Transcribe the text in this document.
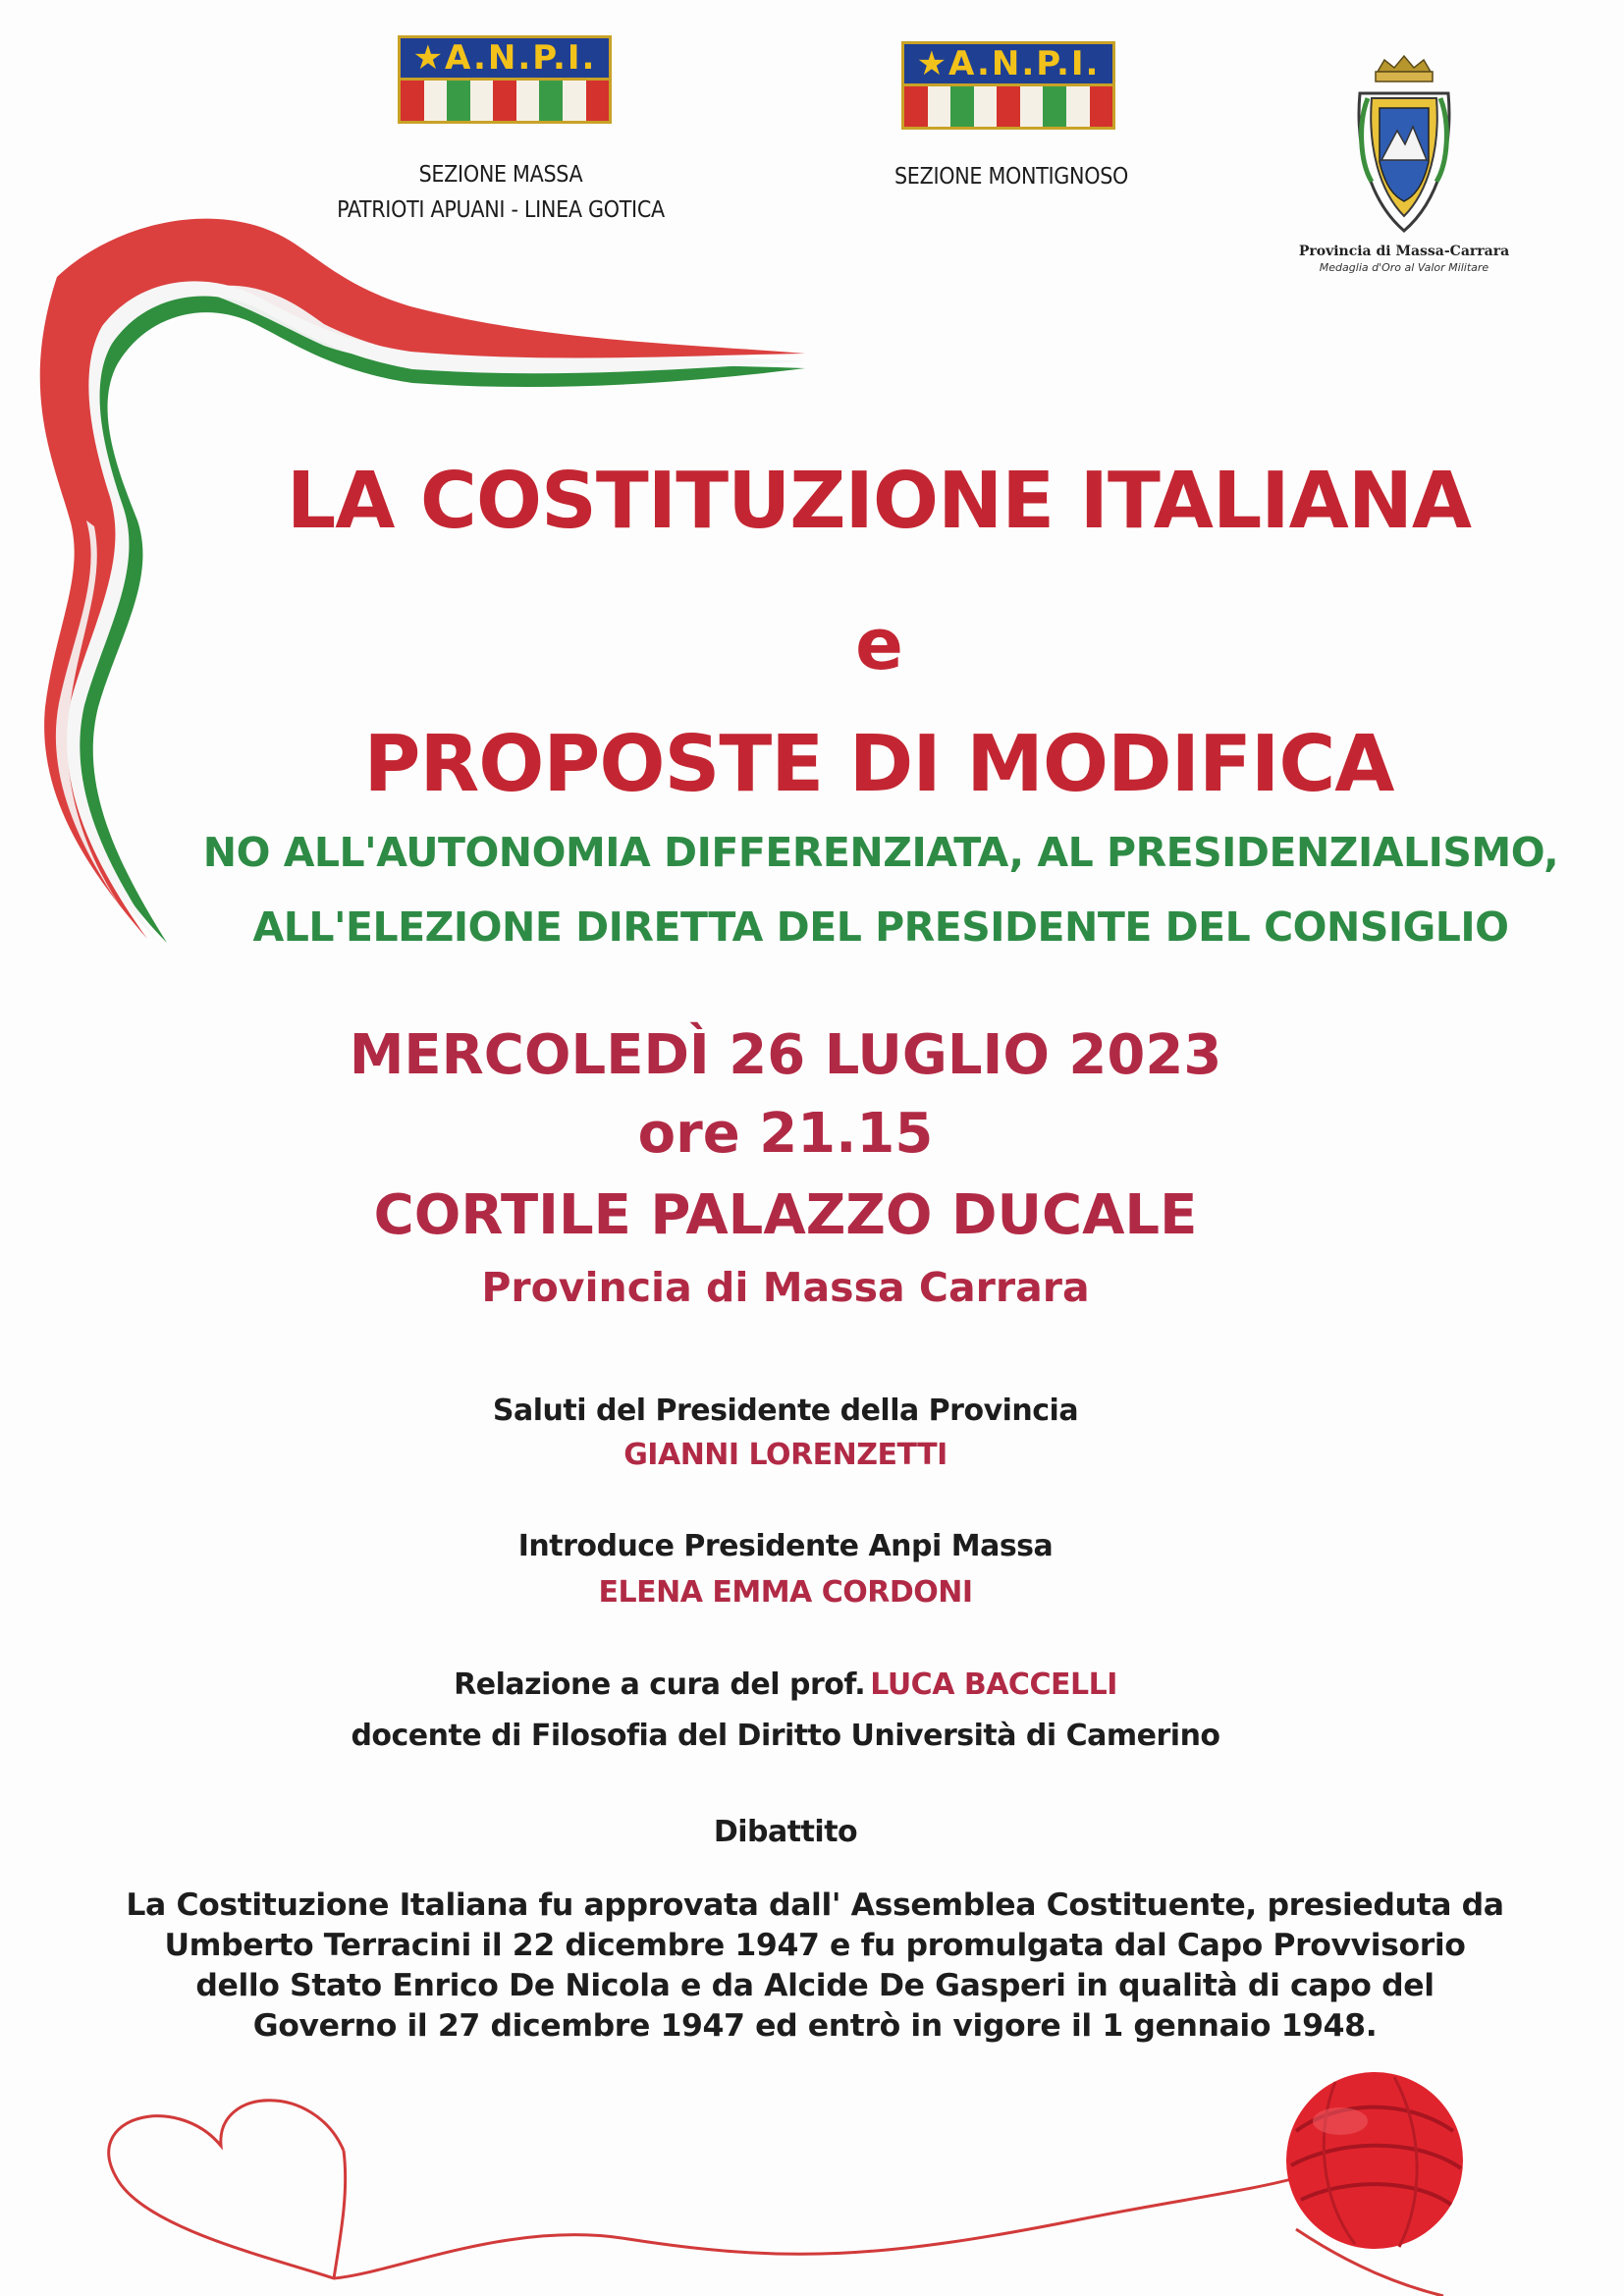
★A.N.P.I.
SEZIONE MASSA
PATRIOTI APUANI - LINEA GOTICA
★A.N.P.I.
SEZIONE MONTIGNOSO
Provincia di Massa-Carrara
Medaglia d'Oro al Valor Militare
LA COSTITUZIONE ITALIANA
e
PROPOSTE DI MODIFICA
NO ALL'AUTONOMIA DIFFERENZIATA, AL PRESIDENZIALISMO,
ALL'ELEZIONE DIRETTA DEL PRESIDENTE DEL CONSIGLIO
MERCOLEDÌ 26 LUGLIO 2023
ore 21.15
CORTILE PALAZZO DUCALE
Provincia di Massa Carrara
Saluti del Presidente della Provincia
GIANNI LORENZETTI
Introduce Presidente Anpi Massa
ELENA EMMA CORDONI
Relazione a cura del prof. LUCA BACCELLI
docente di Filosofia del Diritto Università di Camerino
Dibattito
La Costituzione Italiana fu approvata dall' Assemblea Costituente, presieduta da
Umberto Terracini il 22 dicembre 1947 e fu promulgata dal Capo Provvisorio
dello Stato Enrico De Nicola e da Alcide De Gasperi in qualità di capo del
Governo il 27 dicembre 1947 ed entrò in vigore il 1 gennaio 1948.
